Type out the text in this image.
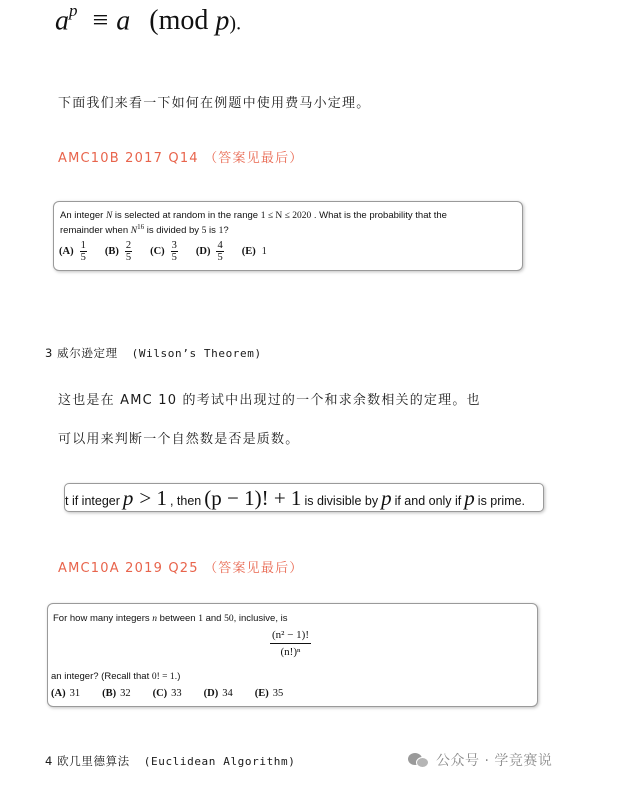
$a^p \equiv a$ (mod p).
下面我们来看一下如何在例题中使用费马小定理。
AMC10B 2017 Q14 （答案见最后）
An integer N is selected at random in the range 1 ≤ N ≤ 2020 . What is the probability that the
remainder when $N^{16}$ is divided by 5 is 1?
$(A) \frac{1}{5} (B) \frac{2}{5} (C) \frac{3}{5} (D) \frac{4}{5} (E)$ 1
3 威尔逊定理 (Wilson’s Theorem)
这也是在 AMC 10 的考试中出现过的一个和求余数相关的定理。也
可以用来判断一个自然数是否是质数。
t if integer p > 1 , then (p − 1)! + 1 is divisible by p if and only if p is prime.
AMC10A 2019 Q25 （答案见最后）
For how many integers n between 1 and 50, inclusive, is
$\frac{\text{(n² − 1)!}}{\text{(n!)ⁿ}}$
an integer? (Recall that 0! = 1.)
(A) 31 (B) 32 (C) 33 (D) 34 (E) 35
4 欧几里德算法 (Euclidean Algorithm)	公众号 · 学竞赛说
